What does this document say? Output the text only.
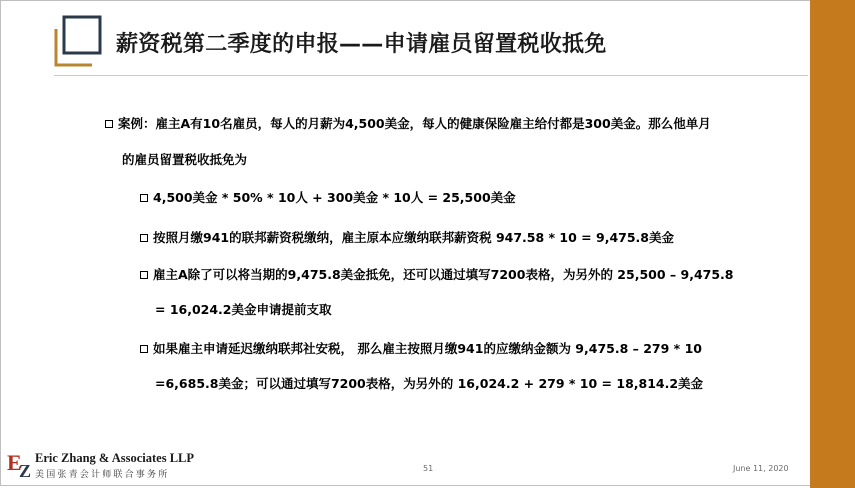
薪资税第二季度的申报——申请雇员留置税收抵免
案例：雇主A有10名雇员，每人的月薪为4,500美金，每人的健康保险雇主给付都是300美金。那么他单月
的雇员留置税收抵免为
4,500美金 * 50% * 10人 + 300美金 * 10人 = 25,500美金
按照月缴941的联邦薪资税缴纳，雇主原本应缴纳联邦薪资税 947.58 * 10 = 9,475.8美金
雇主A除了可以将当期的9,475.8美金抵免，还可以通过填写7200表格，为另外的 25,500 – 9,475.8
= 16,024.2美金申请提前支取
如果雇主申请延迟缴纳联邦社安税， 那么雇主按照月缴941的应缴纳金额为 9,475.8 – 279 * 10
=6,685.8美金；可以通过填写7200表格，为另外的 16,024.2 + 279 * 10 = 18,814.2美金
E
Z
Eric Zhang & Associates LLP
美国张青会计师联合事务所
51	June 11, 2020
